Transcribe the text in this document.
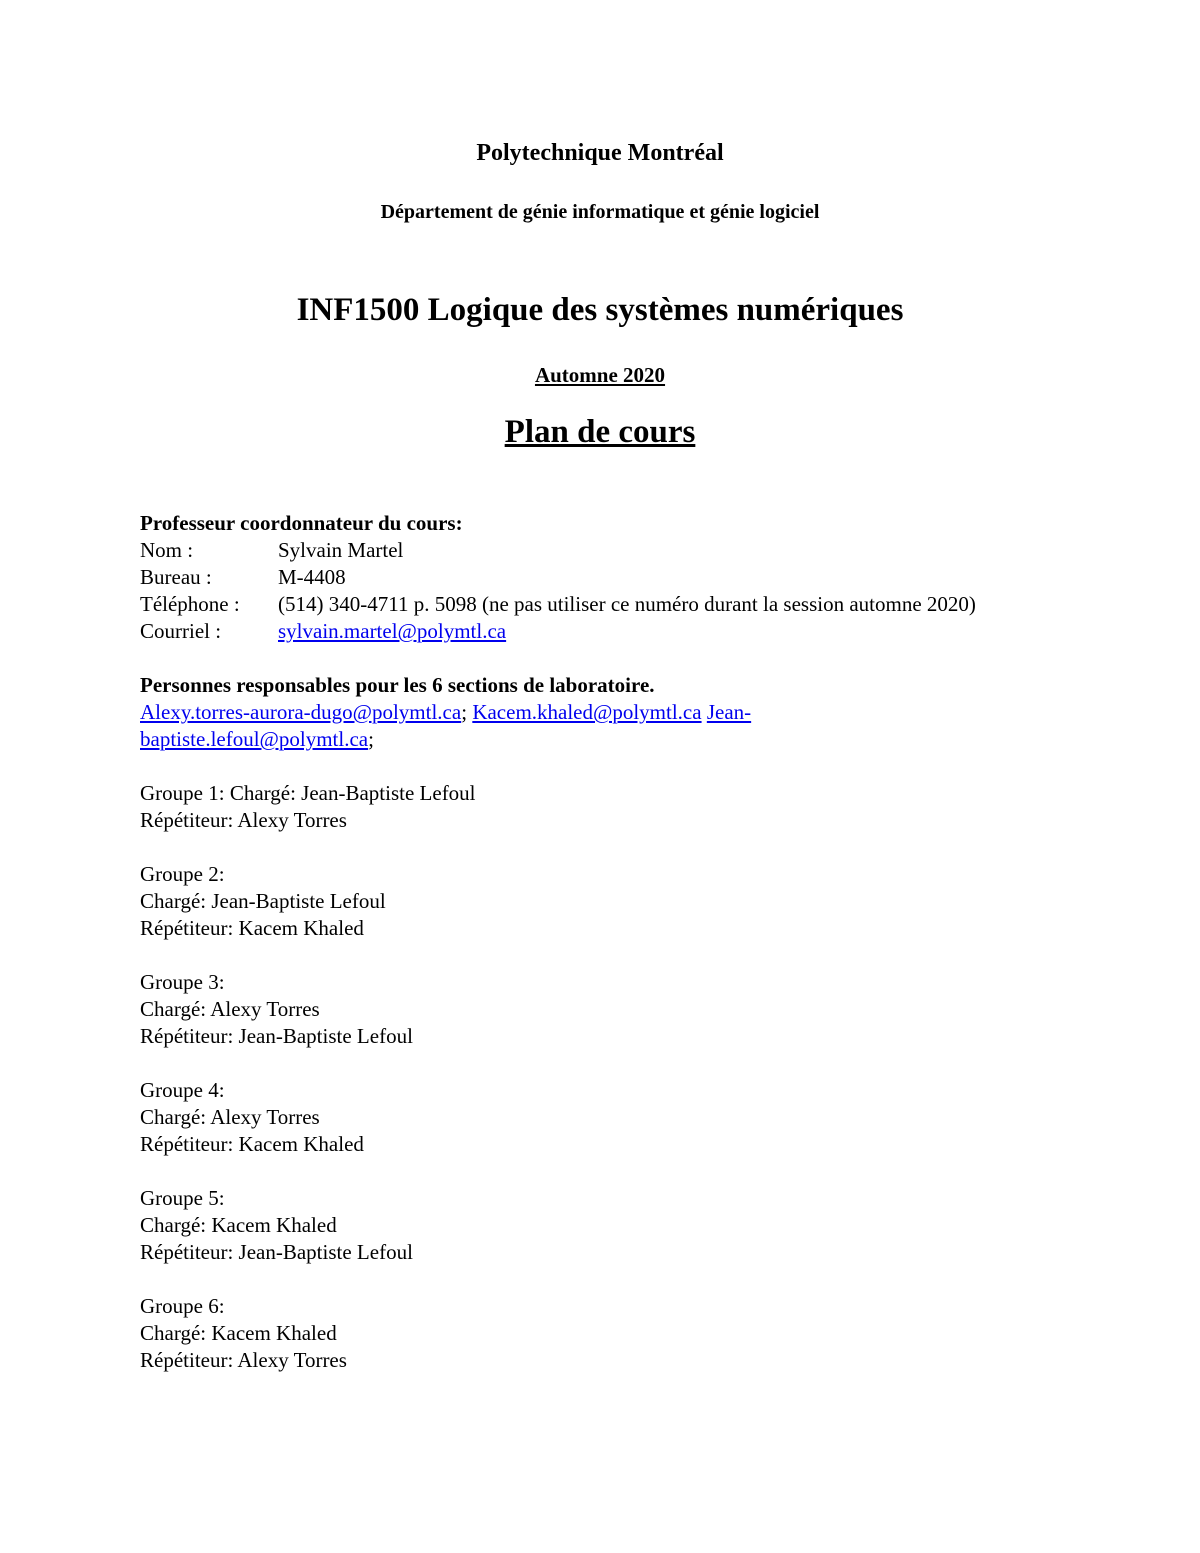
Polytechnique Montréal
Département de génie informatique et génie logiciel
INF1500 Logique des systèmes numériques
Automne 2020
Plan de cours
Professeur coordonnateur du cours:
Nom :	Sylvain Martel
Bureau :	M-4408
Téléphone : (514) 340-4711 p. 5098 (ne pas utiliser ce numéro durant la session automne 2020)
Courriel :	sylvain.martel@polymtl.ca
Personnes responsables pour les 6 sections de laboratoire.
Alexy.torres-aurora-dugo@polymtl.ca; Kacem.khaled@polymtl.ca Jean-
baptiste.lefoul@polymtl.ca;
Groupe 1: Chargé: Jean-Baptiste Lefoul
Répétiteur: Alexy Torres
Groupe 2:
Chargé: Jean-Baptiste Lefoul
Répétiteur: Kacem Khaled
Groupe 3:
Chargé: Alexy Torres
Répétiteur: Jean-Baptiste Lefoul
Groupe 4:
Chargé: Alexy Torres
Répétiteur: Kacem Khaled
Groupe 5:
Chargé: Kacem Khaled
Répétiteur: Jean-Baptiste Lefoul
Groupe 6:
Chargé: Kacem Khaled
Répétiteur: Alexy Torres
